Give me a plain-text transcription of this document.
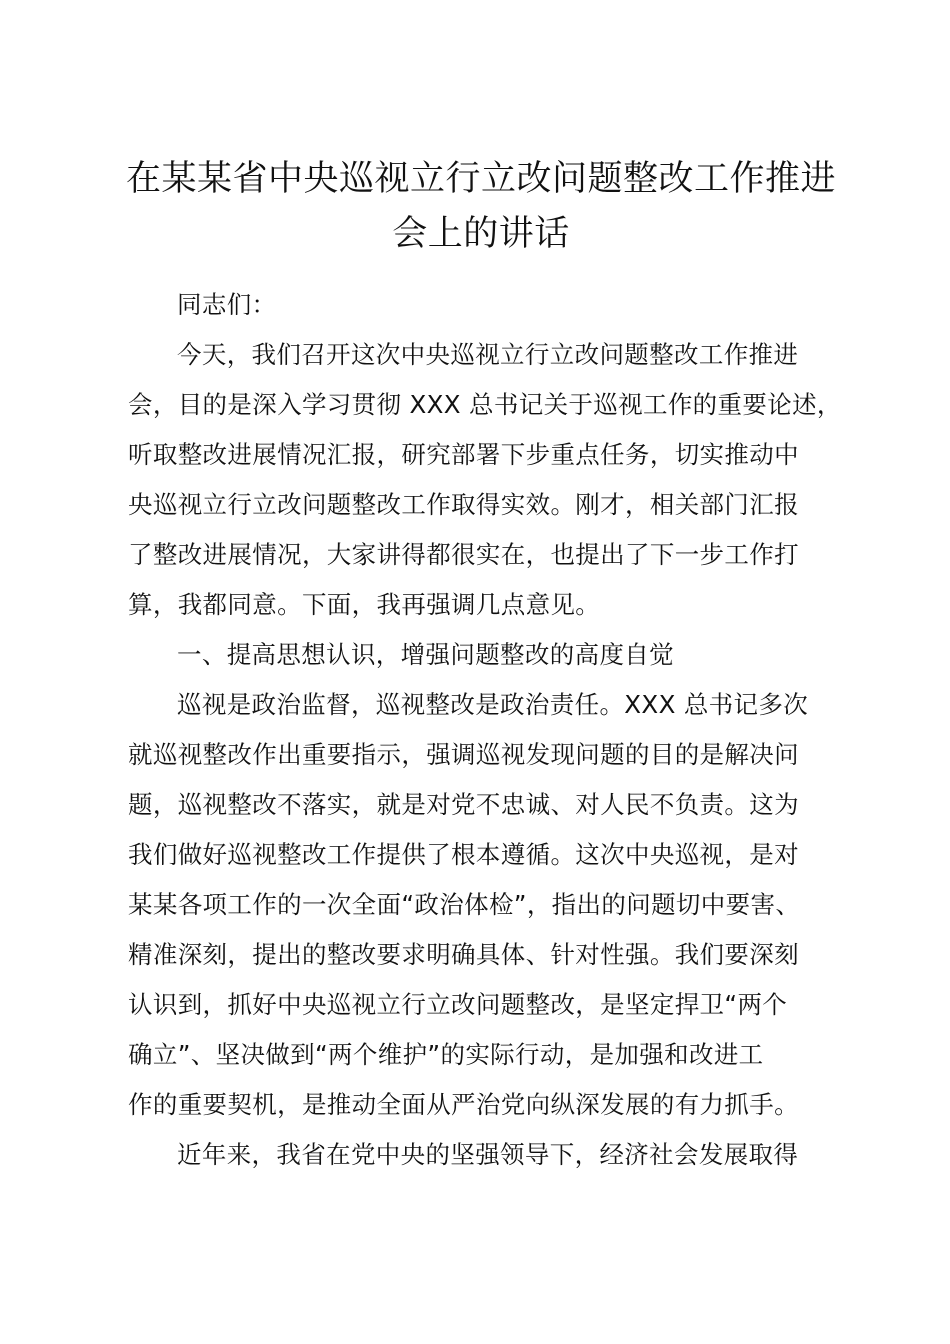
在某某省中央巡视立行立改问题整改工作推进会上的讲话

同志们：

今天，我们召开这次中央巡视立行立改问题整改工作推进

会，目的是深入学习贯彻 XXX 总书记关于巡视工作的重要论述，

听取整改进展情况汇报，研究部署下步重点任务，切实推动中

央巡视立行立改问题整改工作取得实效。刚才，相关部门汇报

了整改进展情况，大家讲得都很实在，也提出了下一步工作打

算，我都同意。下面，我再强调几点意见。

一、提高思想认识，增强问题整改的高度自觉

巡视是政治监督，巡视整改是政治责任。XXX 总书记多次

就巡视整改作出重要指示，强调巡视发现问题的目的是解决问

题，巡视整改不落实，就是对党不忠诚、对人民不负责。这为

我们做好巡视整改工作提供了根本遵循。这次中央巡视，是对

某某各项工作的一次全面“政治体检”，指出的问题切中要害、

精准深刻，提出的整改要求明确具体、针对性强。我们要深刻

认识到，抓好中央巡视立行立改问题整改，是坚定捍卫“两个

确立”、坚决做到“两个维护”的实际行动，是加强和改进工

作的重要契机，是推动全面从严治党向纵深发展的有力抓手。

近年来，我省在党中央的坚强领导下，经济社会发展取得
